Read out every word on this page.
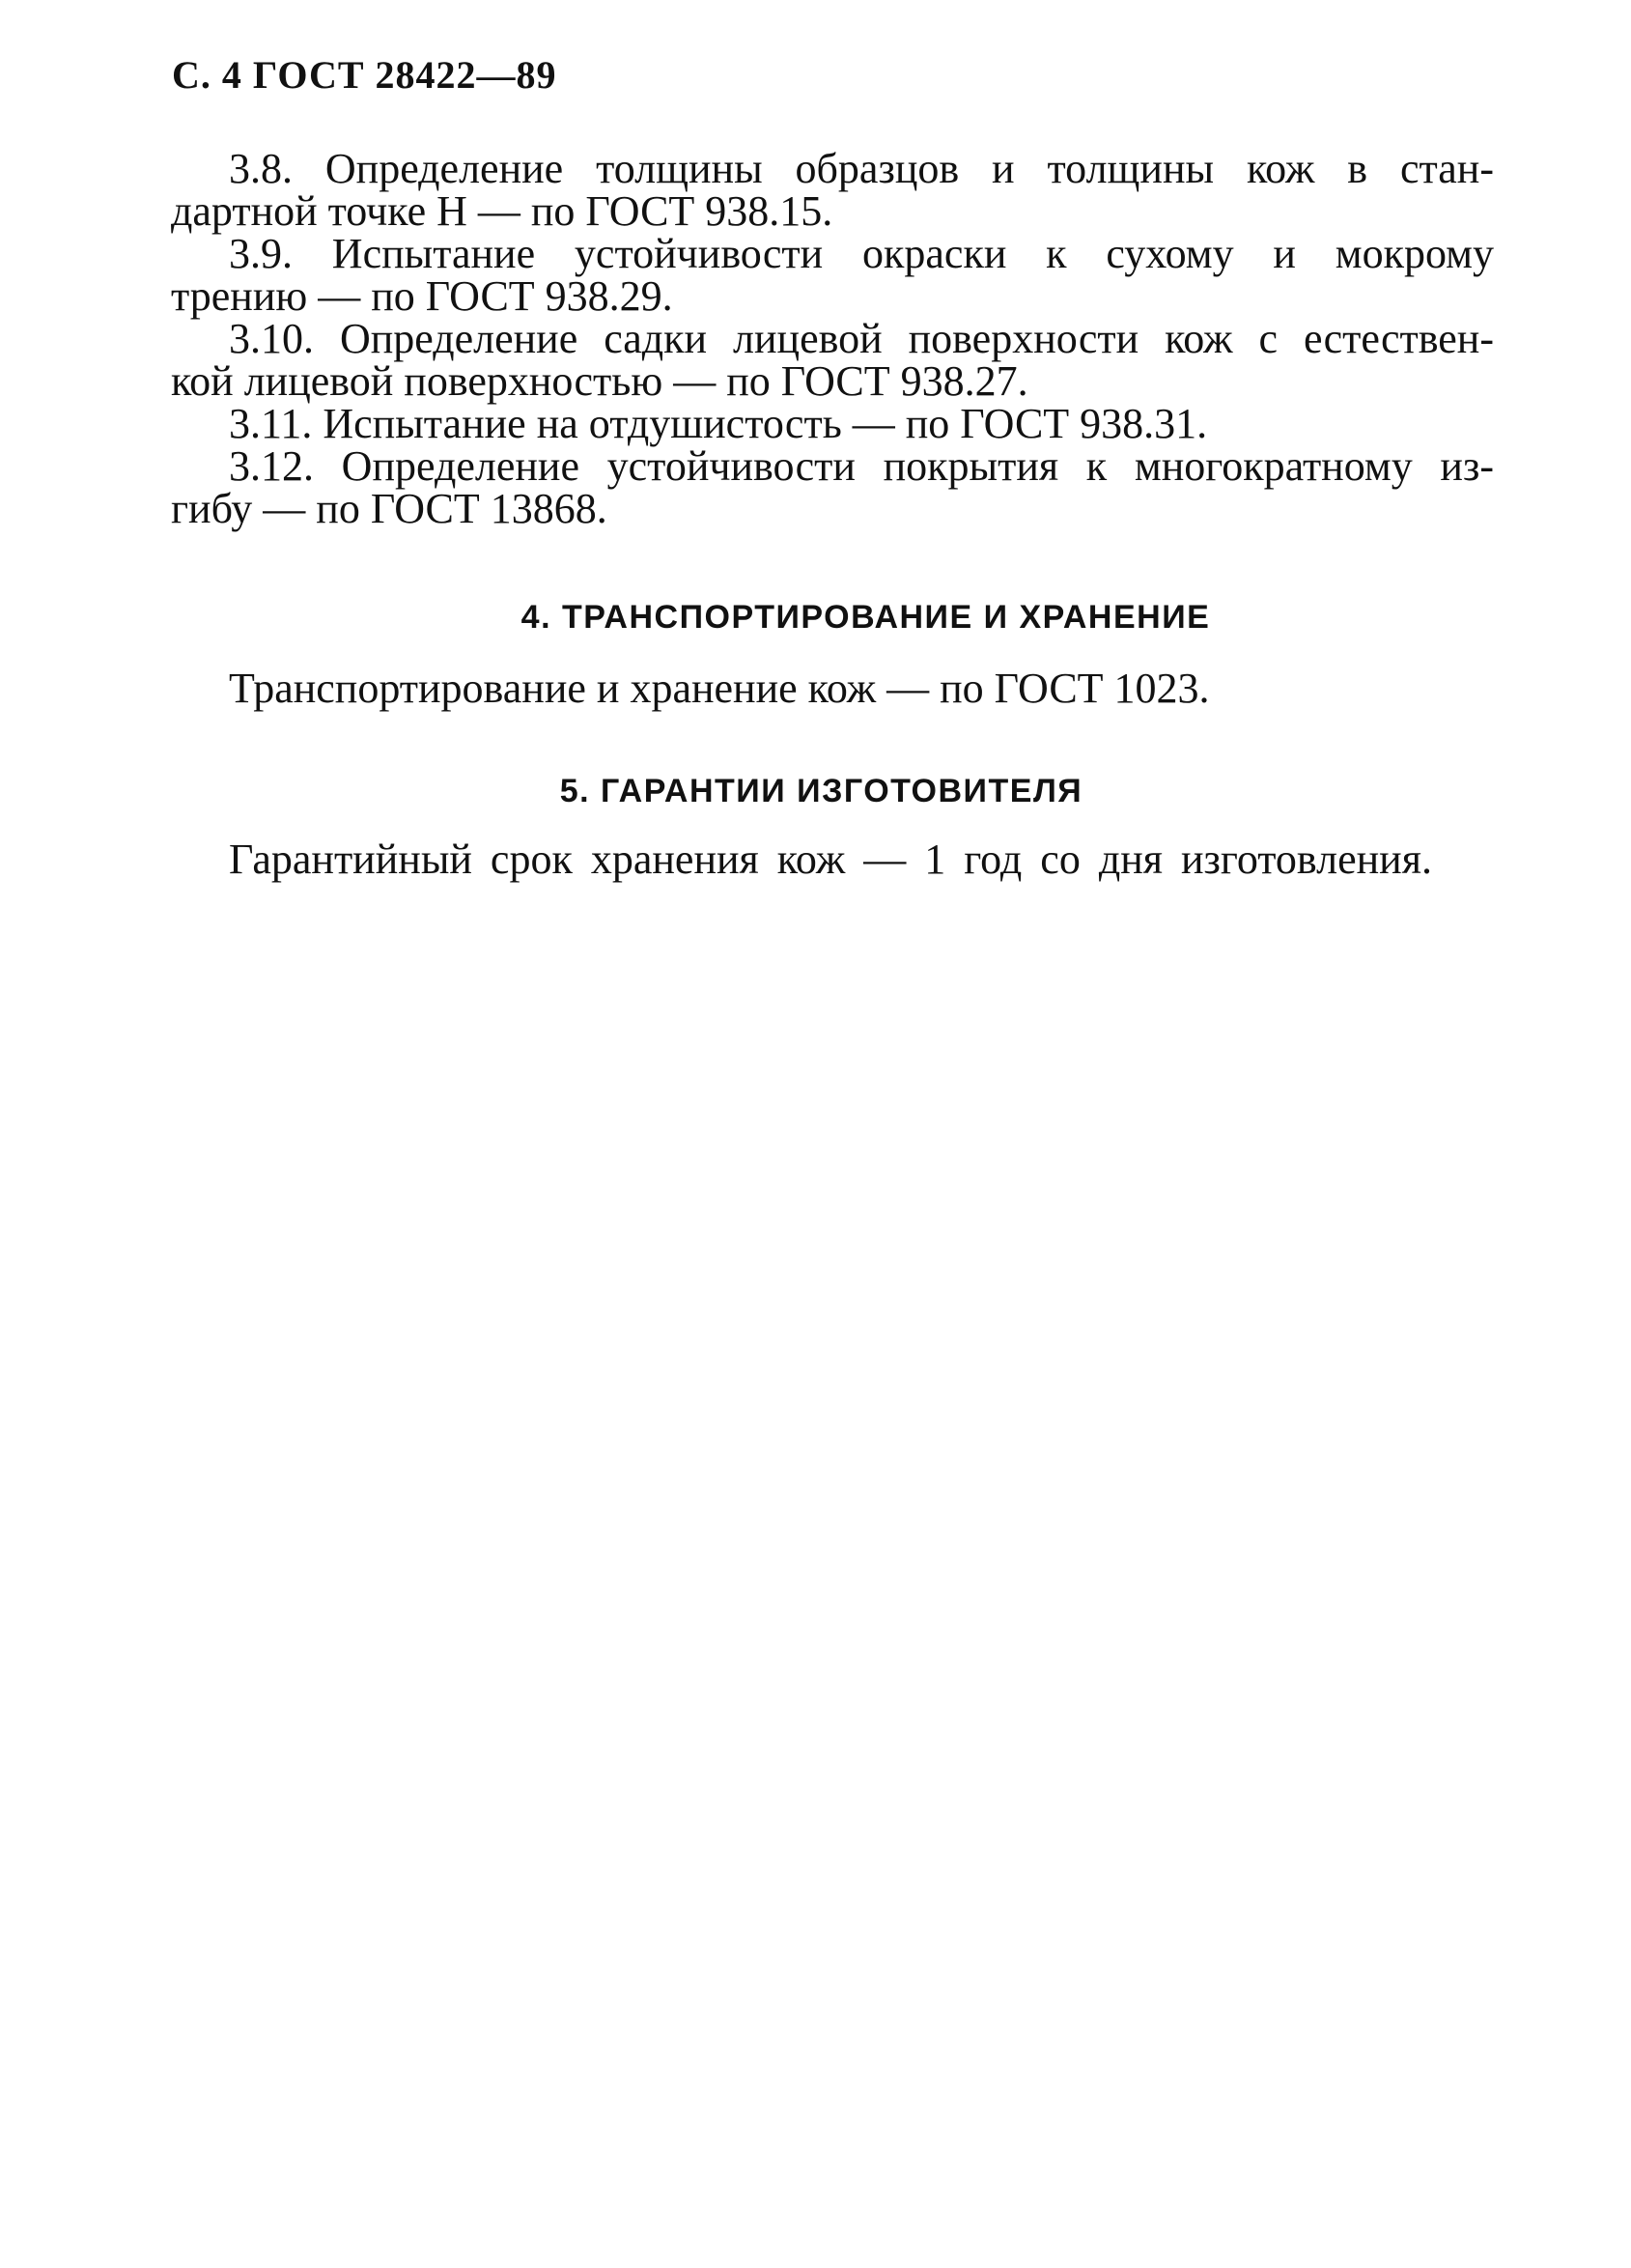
С. 4 ГОСТ 28422—89
3.8. Определение толщины образцов и толщины кож в стан-
дартной точке Н — по ГОСТ 938.15.
3.9. Испытание устойчивости окраски к сухому и мокрому
трению — по ГОСТ 938.29.
3.10. Определение садки лицевой поверхности кож с естествен-
кой лицевой поверхностью — по ГОСТ 938.27.
3.11. Испытание на отдушистость — по ГОСТ 938.31.
3.12. Определение устойчивости покрытия к многократному из-
гибу — по ГОСТ 13868.
4. ТРАНСПОРТИРОВАНИЕ И ХРАНЕНИЕ
Транспортирование и хранение кож — по ГОСТ 1023.
5. ГАРАНТИИ ИЗГОТОВИТЕЛЯ
Гарантийный срок хранения кож — 1 год со дня изготовления.
